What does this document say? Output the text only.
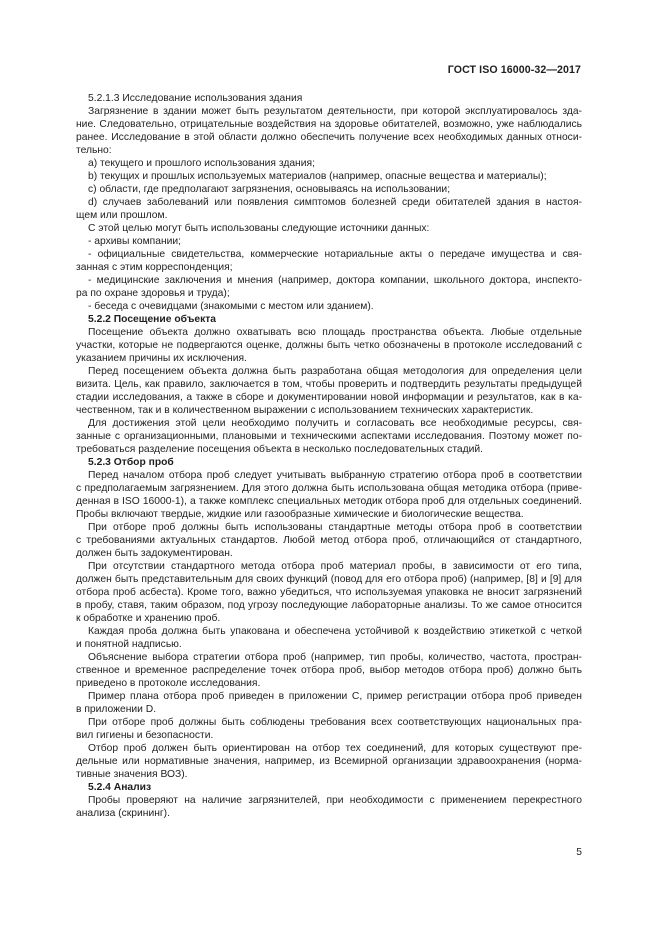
ГОСТ ISO 16000-32—2017

5.2.1.3 Исследование использования здания

Загрязнение в здании может быть результатом деятельности, при которой эксплуатировалось зда-

ние. Следовательно, отрицательные воздействия на здоровье обитателей, возможно, уже наблюдались

ранее. Исследование в этой области должно обеспечить получение всех необходимых данных относи-

тельно:

a) текущего и прошлого использования здания;

b) текущих и прошлых используемых материалов (например, опасные вещества и материалы);

c) области, где предполагают загрязнения, основываясь на использовании;

d) случаев заболеваний или появления симптомов болезней среди обитателей здания в настоя-

щем или прошлом.

С этой целью могут быть использованы следующие источники данных:

- архивы компании;

- официальные свидетельства, коммерческие нотариальные акты о передаче имущества и свя-

занная с этим корреспонденция;

- медицинские заключения и мнения (например, доктора компании, школьного доктора, инспекто-

ра по охране здоровья и труда);

- беседа с очевидцами (знакомыми с местом или зданием).

5.2.2 Посещение объекта

Посещение объекта должно охватывать всю площадь пространства объекта. Любые отдельные

участки, которые не подвергаются оценке, должны быть четко обозначены в протоколе исследований с

указанием причины их исключения.

Перед посещением объекта должна быть разработана общая методология для определения цели

визита. Цель, как правило, заключается в том, чтобы проверить и подтвердить результаты предыдущей

стадии исследования, а также в сборе и документировании новой информации и результатов, как в ка-

чественном, так и в количественном выражении с использованием технических характеристик.

Для достижения этой цели необходимо получить и согласовать все необходимые ресурсы, свя-

занные с организационными, плановыми и техническими аспектами исследования. Поэтому может по-

требоваться разделение посещения объекта в несколько последовательных стадий.

5.2.3 Отбор проб

Перед началом отбора проб следует учитывать выбранную стратегию отбора проб в соответствии

с предполагаемым загрязнением. Для этого должна быть использована общая методика отбора (приве-

денная в ISO 16000-1), а также комплекс специальных методик отбора проб для отдельных соединений.

Пробы включают твердые, жидкие или газообразные химические и биологические вещества.

При отборе проб должны быть использованы стандартные методы отбора проб в соответствии

с требованиями актуальных стандартов. Любой метод отбора проб, отличающийся от стандартного,

должен быть задокументирован.

При отсутствии стандартного метода отбора проб материал пробы, в зависимости от его типа,

должен быть представительным для своих функций (повод для его отбора проб) (например, [8] и [9] для

отбора проб асбеста). Кроме того, важно убедиться, что используемая упаковка не вносит загрязнений

в пробу, ставя, таким образом, под угрозу последующие лабораторные анализы. То же самое относится

к обработке и хранению проб.

Каждая проба должна быть упакована и обеспечена устойчивой к воздействию этикеткой с четкой

и понятной надписью.

Объяснение выбора стратегии отбора проб (например, тип пробы, количество, частота, простран-

ственное и временное распределение точек отбора проб, выбор методов отбора проб) должно быть

приведено в протоколе исследования.

Пример плана отбора проб приведен в приложении C, пример регистрации отбора проб приведен

в приложении D.

При отборе проб должны быть соблюдены требования всех соответствующих национальных пра-

вил гигиены и безопасности.

Отбор проб должен быть ориентирован на отбор тех соединений, для которых существуют пре-

дельные или нормативные значения, например, из Всемирной организации здравоохранения (норма-

тивные значения ВОЗ).

5.2.4 Анализ

Пробы проверяют на наличие загрязнителей, при необходимости с применением перекрестного

анализа (скрининг).

5
